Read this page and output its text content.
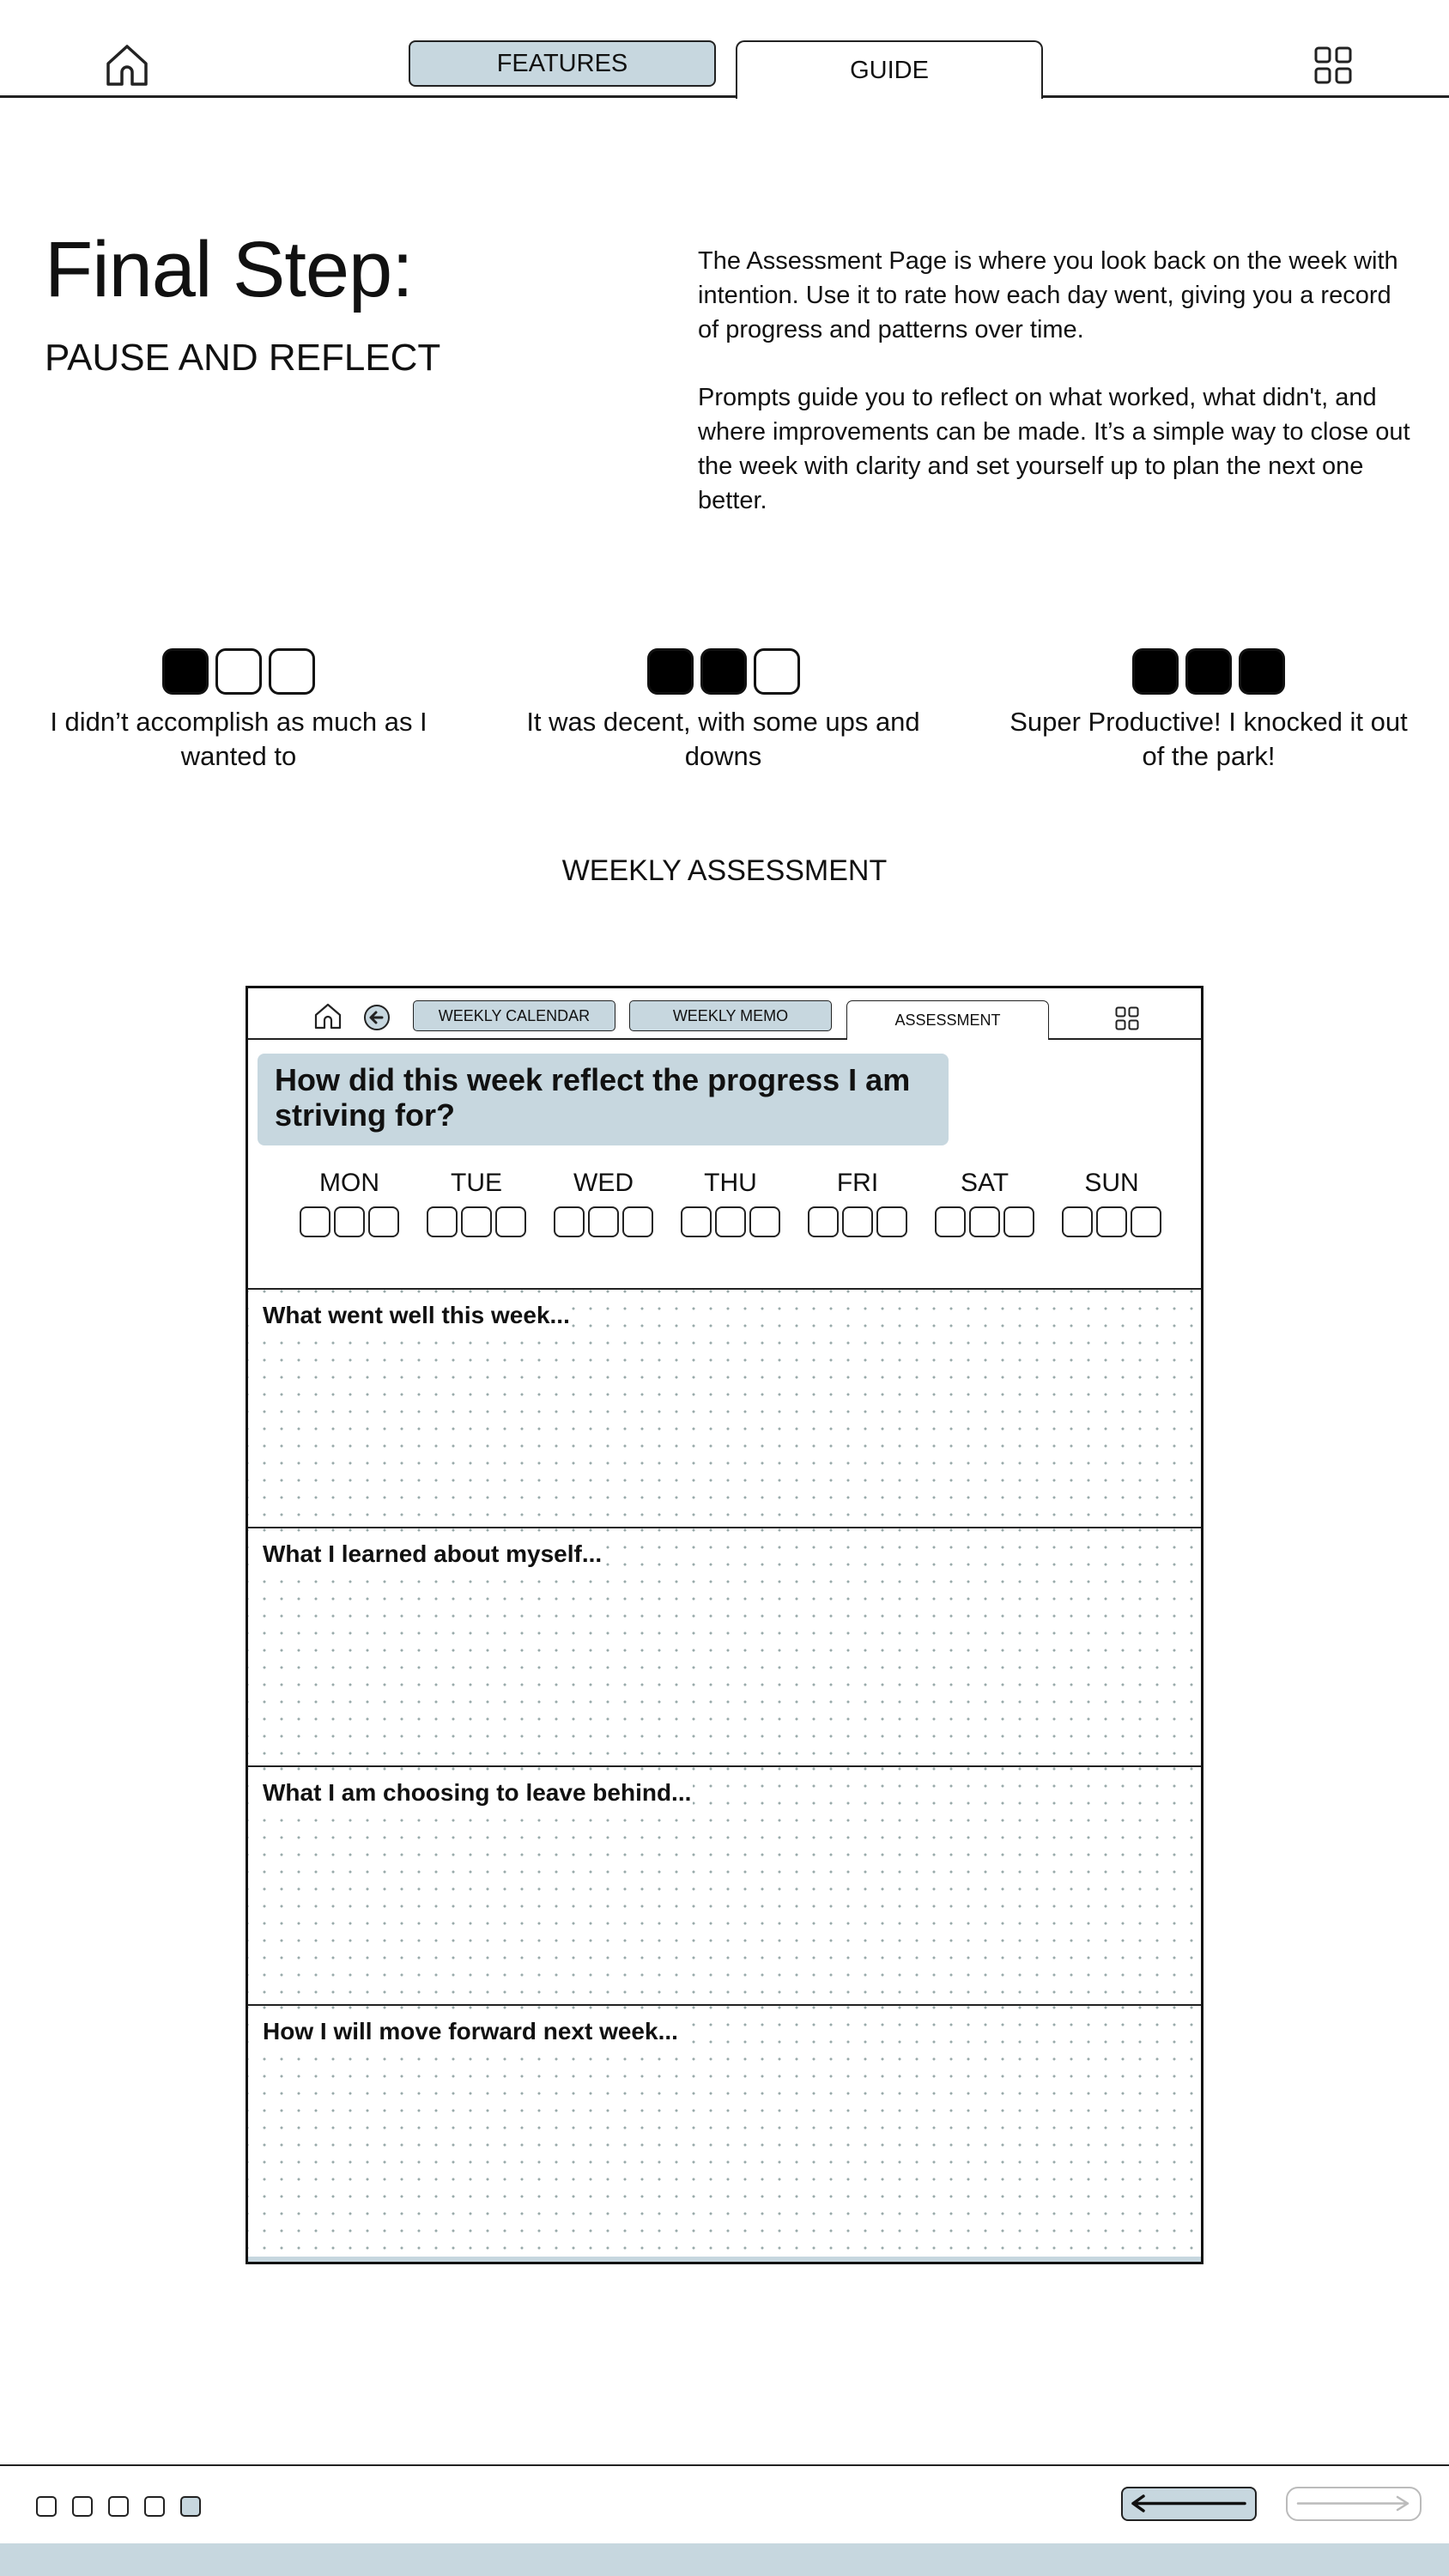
FEATURES	GUIDE
Final Step:
PAUSE AND REFLECT
The Assessment Page is where you look back on the week with intention. Use it to rate how each day went, giving you a record of progress and patterns over time.
Prompts guide you to reflect on what worked, what didn't, and where improvements can be made. It’s a simple way to close out the week with clarity and set yourself up to plan the next one better.
I didn’t accomplish as much as I wanted to
It was decent, with some ups and downs
Super Productive! I knocked it out of the park!
WEEKLY ASSESSMENT
WEEKLY CALENDAR	WEEKLY MEMO	ASSESSMENT
How did this week reflect the progress I am striving for?
MON	TUE	WED	THU	FRI	SAT	SUN
What went well this week...
What I learned about myself...
What I am choosing to leave behind...
How I will move forward next week...
